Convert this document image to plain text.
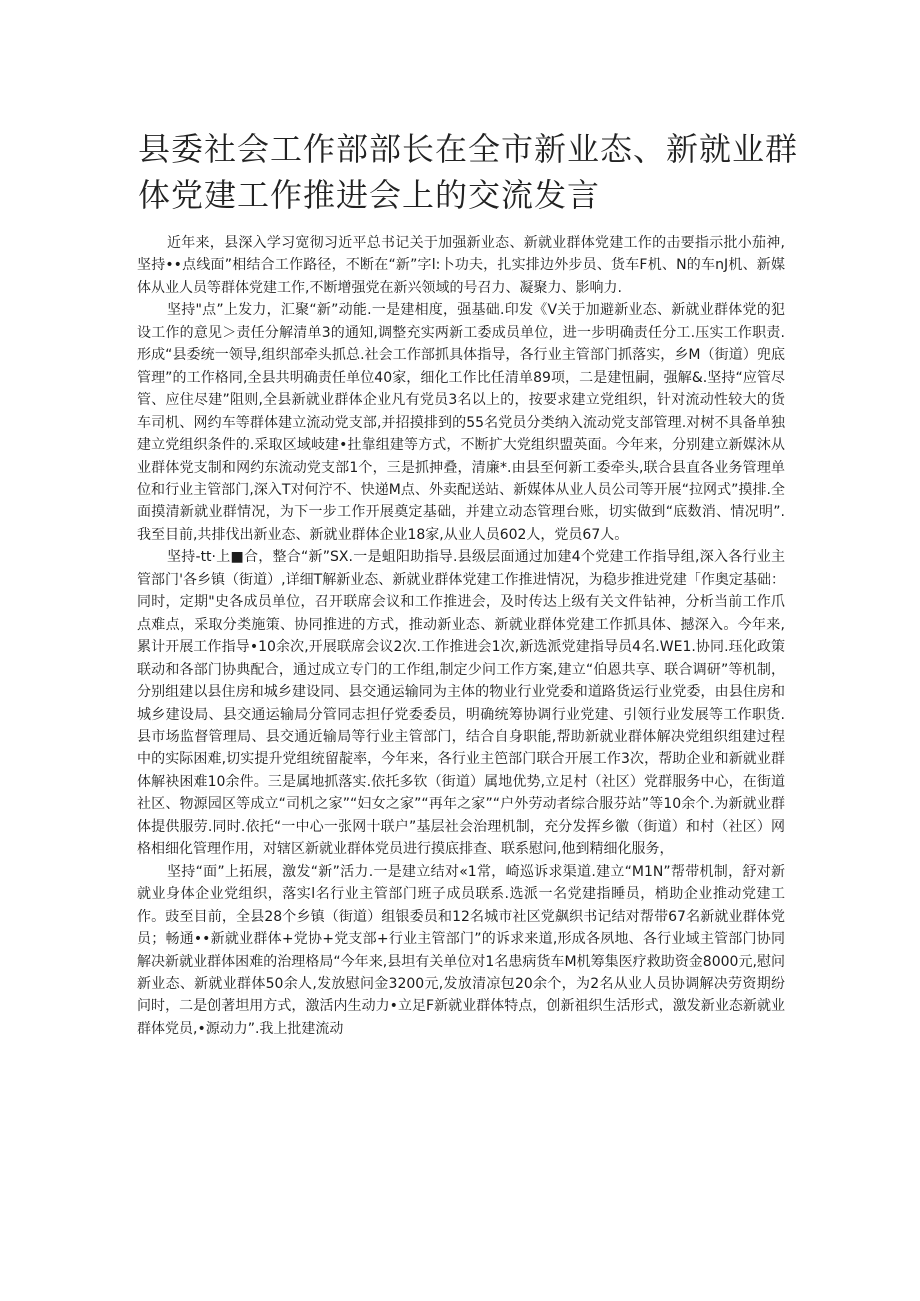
县委社会工作部部长在全市新业态、新就业群体党建工作推进会上的交流发言

近年来，县深入学习宽彻习近平总书记关于加强新业态、新就业群体党建工作的击要指示批小茄神,坚持••点线面”相结合工作路径，不断在“新”字l:卜功夫，扎实排边外步员、货车F机、N的车nJ机、新媒体从业人员等群体党建工作,不断增强党在新兴领域的号召力、凝聚力、影响力.

坚持"点”上发力，汇聚“新”动能.一是建相度，强基础.印发《V关于加避新业态、新就业群体党的犯设工作的意见＞责任分解清单3的通知,调整充实两新工委成员单位，进一步明确责任分工.压实工作职责.形成“县委统一领导,组织部牵头抓总.社会工作部抓具体指导，各行业主管部门抓落实，乡M（街道）兜底管理”的工作格同,全县共明确责任单位40家，细化工作比任清单89项，二是建忸嗣，强解&.坚持“应管尽管、应住尽建”阻则,全县新就业群体企业凡有党员3名以上的，按要求建立党组织，针对流动性较大的货车司机、网约车等群体建立流动党支部,并招摸排到的55名党员分类纳入流动党支部管理.对树不具备单独建立党组织条件的.采取区域岐建•扗靠组建等方式，不断扩大党组织盟英面。今年来，分别建立新媒沐从业群体党支制和网约东流动党支部1个，三是抓抻叠，清廉*.由县至何新工委牵头,联合县直各业务管理单位和行业主管部门,深入T对何泞不、快递M点、外卖配送站、新媒体从业人员公司等开展“拉网式”摸排.全面摸清新就业群情况，为下一步工作开展奠定基础，并建立动态管理台账，切实做到“底数消、情况明”.我至目前,共排伐出新业态、新就业群体企业18家,从业人员602人，党员67人。

坚持-tt·上■合，整合“新”SX.一是蛆阳助指导.县级层面通过加建4个党建工作指导组,深入各行业主管部门'各乡镇（街道）,详细T解新业态、新就业群体党建工作推进情况，为稳步推进党建「作奥定基础：同时，定期"史各成员单位，召开联席会议和工作推进会，及时传达上级有关文件钻神，分析当前工作爪点难点，采取分类施策、协同推进的方式，推动新业态、新就业群体党建工作抓具体、撼深入。今年来,累计开展工作指导•10余次,开展联席会议2次.工作推进会1次,新选派党建指导员4名.WE1.协同.珏化政策联动和各部门协典配合，通过成立专门的工作组,制定少问工作方案,建立“伯恩共享、联合调研”等机制，分别组建以县住房和城乡建设同、县交通运输同为主体的物业行业党委和道路货运行业党委，由县住房和城乡建设局、县交通运输局分管同志担仔党委委员，明确统筹协调行业党建、引领行业发展等工作职货.县市场监督管理局、县交通近输局等行业主管部门，结合自身职能,帮助新就业群体解决党组织组建过程中的实际困难,切实提升党组统留靛率，今年来，各行业主笆部门联合开展工作3次，帮助企业和新就业群体解袂困难10余件。三是属地抓落实.依托多钦（街道）属地优势,立足村（社区）党群服务中心，在街道社区、物源园区等成立“司机之家”“妇女之家”“再年之家”“户外劳动者综合服芬站”等10余个.为新就业群体提供服劳.同时.依托“一中心一张网十联户”基层社会治理机制，充分发挥乡徽（街道）和村（社区）网格相细化管理作用，对辖区新就业群体党员进行摸底排查、联系慰问,他到精细化服务，

坚持“面”上拓展，激发“新”活力.一是建立结对«1常，崎巡诉求渠道.建立“M1N”帮带机制，舒对新就业身体企业党组织，落实l名行业主管部门班子成员联系.选派一名党建指睡员，梢助企业推动党建工作。豉至目前，全县28个乡镇（街道）组银委员和12名城市社区党飙织书记结对帮带67名新就业群体党员；畅通••新就业群体+党协+党支部+行业主管部门”的诉求来道,形成各夙地、各行业域主管部门协同解决新就业群体困难的治理格局“今年来,县坦有关单位对1名患病货车M机筹集医疗救助资金8000元,慰问新业态、新就业群体50余人,发放慰问金3200元,发放清凉包20余个，为2名从业人员协调解决劳资期纷问时，二是创著坦用方式，激活内生动力•立足F新就业群体特点，创新祖织生活形式，激发新业态新就业群体党员,•源动力”.我上批建流动
